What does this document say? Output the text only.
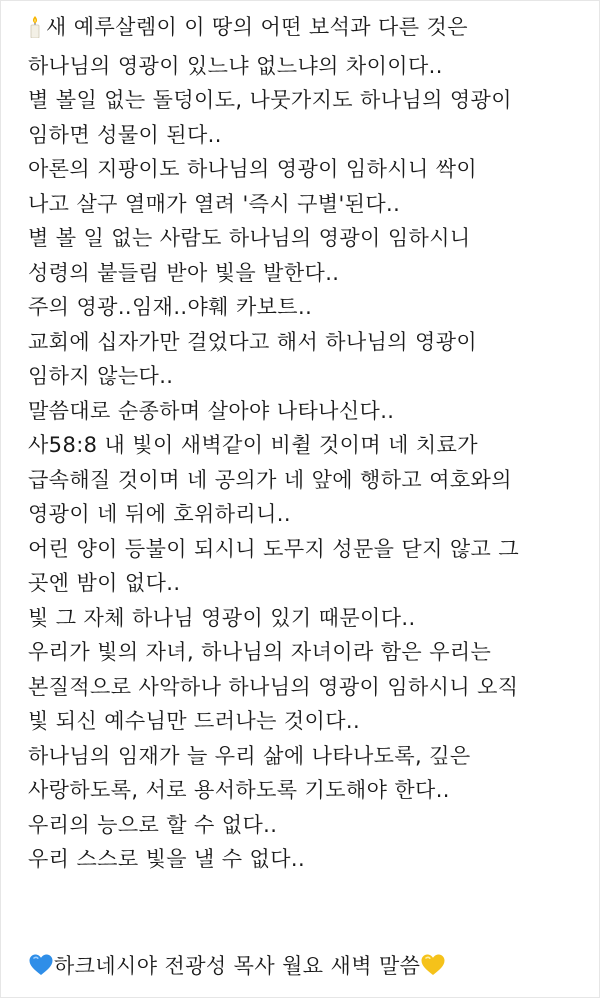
새 예루살렘이 이 땅의 어떤 보석과 다른 것은
하나님의 영광이 있느냐 없느냐의 차이이다..
별 볼일 없는 돌덩이도, 나뭇가지도 하나님의 영광이
임하면 성물이 된다..
아론의 지팡이도 하나님의 영광이 임하시니 싹이
나고 살구 열매가 열려 '즉시 구별'된다..
별 볼 일 없는 사람도 하나님의 영광이 임하시니
성령의 붙들림 받아 빛을 발한다..
주의 영광..임재..야훼 카보트..
교회에 십자가만 걸었다고 해서 하나님의 영광이
임하지 않는다..
말씀대로 순종하며 살아야 나타나신다..
사58:8 내 빛이 새벽같이 비췰 것이며 네 치료가
급속해질 것이며 네 공의가 네 앞에 행하고 여호와의
영광이 네 뒤에 호위하리니..
어린 양이 등불이 되시니 도무지 성문을 닫지 않고 그
곳엔 밤이 없다..
빛 그 자체 하나님 영광이 있기 때문이다..
우리가 빛의 자녀, 하나님의 자녀이라 함은 우리는
본질적으로 사악하나 하나님의 영광이 임하시니 오직
빛 되신 예수님만 드러나는 것이다..
하나님의 임재가 늘 우리 삶에 나타나도록, 깊은
사랑하도록, 서로 용서하도록 기도해야 한다..
우리의 능으로 할 수 없다..
우리 스스로 빛을 낼 수 없다..
하크네시야 전광성 목사 월요 새벽 말씀
